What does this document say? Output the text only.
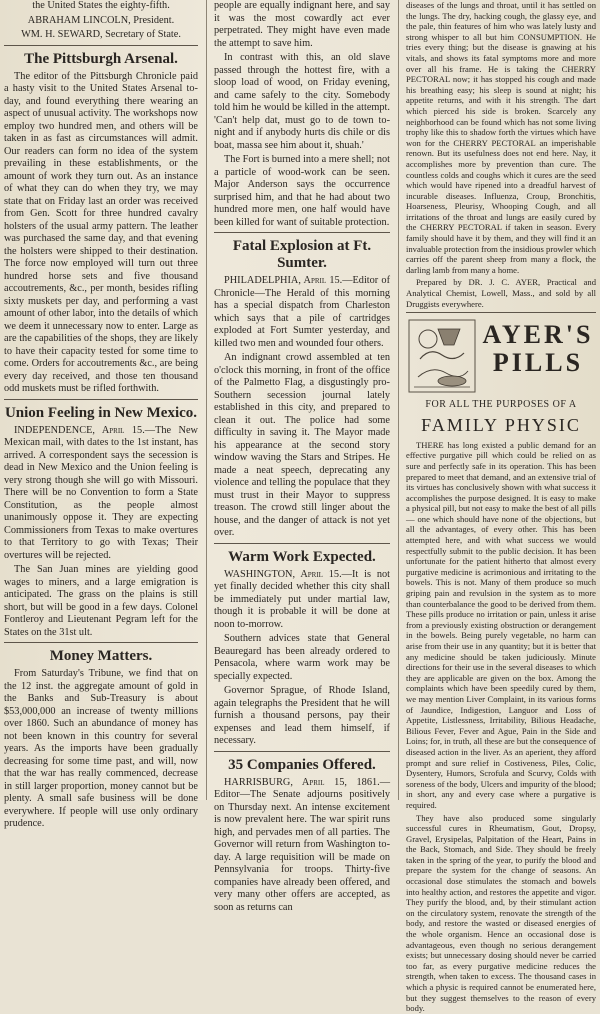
the United States the eighty-fifth.

ABRAHAM LINCOLN, President.

WM. H. SEWARD, Secretary of State.

The Pittsburgh Arsenal.

The editor of the Pittsburgh Chronicle paid a hasty visit to the United States Arsenal to-day, and found everything there wearing an aspect of unusual activity. The workshops now employ two hundred men, and others will be taken in as fast as circumstances will admit. Our readers can form no idea of the system prevailing in these establishments, or the amount of work they turn out. As an instance of what they can do when they try, we may state that on Friday last an order was received from Gen. Scott for three hundred cavalry holsters of the usual army pattern. The leather was purchased the same day, and that evening the holsters were shipped to their destination. The force now employed will turn out three hundred horse sets and five thousand accoutrements, &c., per month, besides rifling sixty muskets per day, and performing a vast amount of other labor, into the details of which we deem it unnecessary now to enter. Large as are the capabilities of the shops, they are likely to have their capacity tested for some time to come. Orders for accoutrements &c., are being every day received, and those ten thousand odd muskets must be rifled forthwith.

Union Feeling in New Mexico.

INDEPENDENCE, April 15.—The New Mexican mail, with dates to the 1st instant, has arrived. A correspondent says the secession is dead in New Mexico and the Union feeling is very strong though she will go with Missouri. There will be no Convention to form a State Constitution, as the people almost unanimously oppose it. They are expecting Commissioners from Texas to make overtures to that Territory to go with Texas; Their overtures will be rejected.

The San Juan mines are yielding good wages to miners, and a large emigration is anticipated. The grass on the plains is still short, but will be good in a few days. Colonel Fontleroy and Lieutenant Pegram left for the States on the 31st ult.

Money Matters.

From Saturday's Tribune, we find that on the 12 inst. the aggregate amount of gold in the Banks and Sub-Treasury is about $53,000,000 an increase of twenty millions over 1860. Such an abundance of money has not been known in this country for several years. As the imports have been gradually decreasing for some time past, and will, now that the war has really commenced, decrease in still larger proportion, money cannot but be plenty. A small safe business will be done everywhere. If people will use only ordinary prudence.

people are equally indignant here, and say it was the most cowardly act ever perpetrated. They might have even made the attempt to save him.

In contrast with this, an old slave passed through the hottest fire, with a sloop load of wood, on Friday evening, and came safely to the city. Somebody told him he would be killed in the attempt. 'Can't help dat, must go to de town to-night and if anybody hurts dis chile or dis boat, massa see him about it, shuah.'

The Fort is burned into a mere shell; not a particle of wood-work can be seen. Major Anderson says the occurrence surprised him, and that he had about two hundred more men, one half would have been killed for want of suitable protection.

Fatal Explosion at Ft. Sumter.

PHILADELPHIA, April 15.—Editor of Chronicle—The Herald of this morning has a special dispatch from Charleston which says that a pile of cartridges exploded at Fort Sumter yesterday, and killed two men and wounded four others.

An indignant crowd assembled at ten o'clock this morning, in front of the office of the Palmetto Flag, a disgustingly pro-Southern secession journal lately established in this city, and prepared to clean it out. The police had some difficulty in saving it. The Mayor made his appearance at the second story window waving the Stars and Stripes. He made a neat speech, deprecating any violence and telling the populace that they must trust in their Mayor to suppress treason. The crowd still linger about the house, and the danger of attack is not yet over.

Warm Work Expected.

WASHINGTON, April 15.—It is not yet finally decided whether this city shall be immediately put under martial law, though it is probable it will be done at noon to-morrow.

Southern advices state that General Beauregard has been already ordered to Pensacola, where warm work may be specially expected.

Governor Sprague, of Rhode Island, again telegraphs the President that he will furnish a thousand persons, pay their expenses and lead them himself, if necessary.

35 Companies Offered.

HARRISBURG, April 15, 1861.—Editor—The Senate adjourns positively on Thursday next. An intense excitement is now prevalent here. The war spirit runs high, and pervades men of all parties. The Governor will return from Washington to-day. A large requisition will be made on Pennsylvania for troops. Thirty-five companies have already been offered, and very many other offers are accepted, as soon as returns can

diseases of the lungs and throat, until it has settled on the lungs. The dry, hacking cough, the glassy eye, and the pale, thin features of him who was lately lusty and strong whisper to all but him CONSUMPTION. He tries every thing; but the disease is gnawing at his vitals, and shows its fatal symptoms more and more over all his frame. He is taking the CHERRY PECTORAL now; it has stopped his cough and made his breathing easy; his sleep is sound at night; his appetite returns, and with it his strength. The dart which pierced his side is broken. Scarcely any neighborhood can be found which has not some living trophy like this to shadow forth the virtues which have won for the CHERRY PECTORAL an imperishable renown. But its usefulness does not end here. Nay, it accomplishes more by prevention than cure. The countless colds and coughs which it cures are the seed which would have ripened into a dreadful harvest of incurable diseases. Influenza, Croup, Bronchitis, Hoarseness, Pleurisy, Whooping Cough, and all irritations of the throat and lungs are easily cured by the CHERRY PECTORAL if taken in season. Every family should have it by them, and they will find it an invaluable protection from the insidious prowler which carries off the parent sheep from many a flock, the darling lamb from many a home.

Prepared by DR. J. C. AYER, Practical and Analytical Chemist, Lowell, Mass., and sold by all Druggists everywhere.

AYER'S
PILLS

FOR ALL THE PURPOSES OF A

FAMILY PHYSIC

THERE has long existed a public demand for an effective purgative pill which could be relied on as sure and perfectly safe in its operation. This has been prepared to meet that demand, and an extensive trial of its virtues has conclusively shown with what success it accomplishes the purpose designed. It is easy to make a physical pill, but not easy to make the best of all pills — one which should have none of the objections, but all the advantages, of every other. This has been attempted here, and with what success we would respectfully submit to the public decision. It has been unfortunate for the patient hitherto that almost every purgative medicine is acrimonious and irritating to the bowels. This is not. Many of them produce so much griping pain and revulsion in the system as to more than counterbalance the good to be derived from them. These pills produce no irritation or pain, unless it arise from a previously existing obstruction or derangement in the bowels. Being purely vegetable, no harm can arise from their use in any quantity; but it is better that any medicine should be taken judiciously. Minute directions for their use in the several diseases to which they are applicable are given on the box. Among the complaints which have been speedily cured by them, we may mention Liver Complaint, in its various forms of Jaundice, Indigestion, Languor and Loss of Appetite, Listlessness, Irritability, Bilious Headache, Bilious Fever, Fever and Ague, Pain in the Side and Loins; for, in truth, all these are but the consequence of diseased action in the liver. As an aperient, they afford prompt and sure relief in Costiveness, Piles, Colic, Dysentery, Humors, Scrofula and Scurvy, Colds with soreness of the body, Ulcers and impurity of the blood; in short, any and every case where a purgative is required.

They have also produced some singularly successful cures in Rheumatism, Gout, Dropsy, Gravel, Erysipelas, Palpitation of the Heart, Pains in the Back, Stomach, and Side. They should be freely taken in the spring of the year, to purify the blood and prepare the system for the change of seasons. An occasional dose stimulates the stomach and bowels into healthy action, and restores the appetite and vigor. They purify the blood, and, by their stimulant action on the circulatory system, renovate the strength of the body, and restore the wasted or diseased energies of the whole organism. Hence an occasional dose is advantageous, even though no serious derangement exists; but unnecessary dosing should never be carried too far, as every purgative medicine reduces the strength, when taken to excess. The thousand cases in which a physic is required cannot be enumerated here, but they suggest themselves to the reason of every body.
